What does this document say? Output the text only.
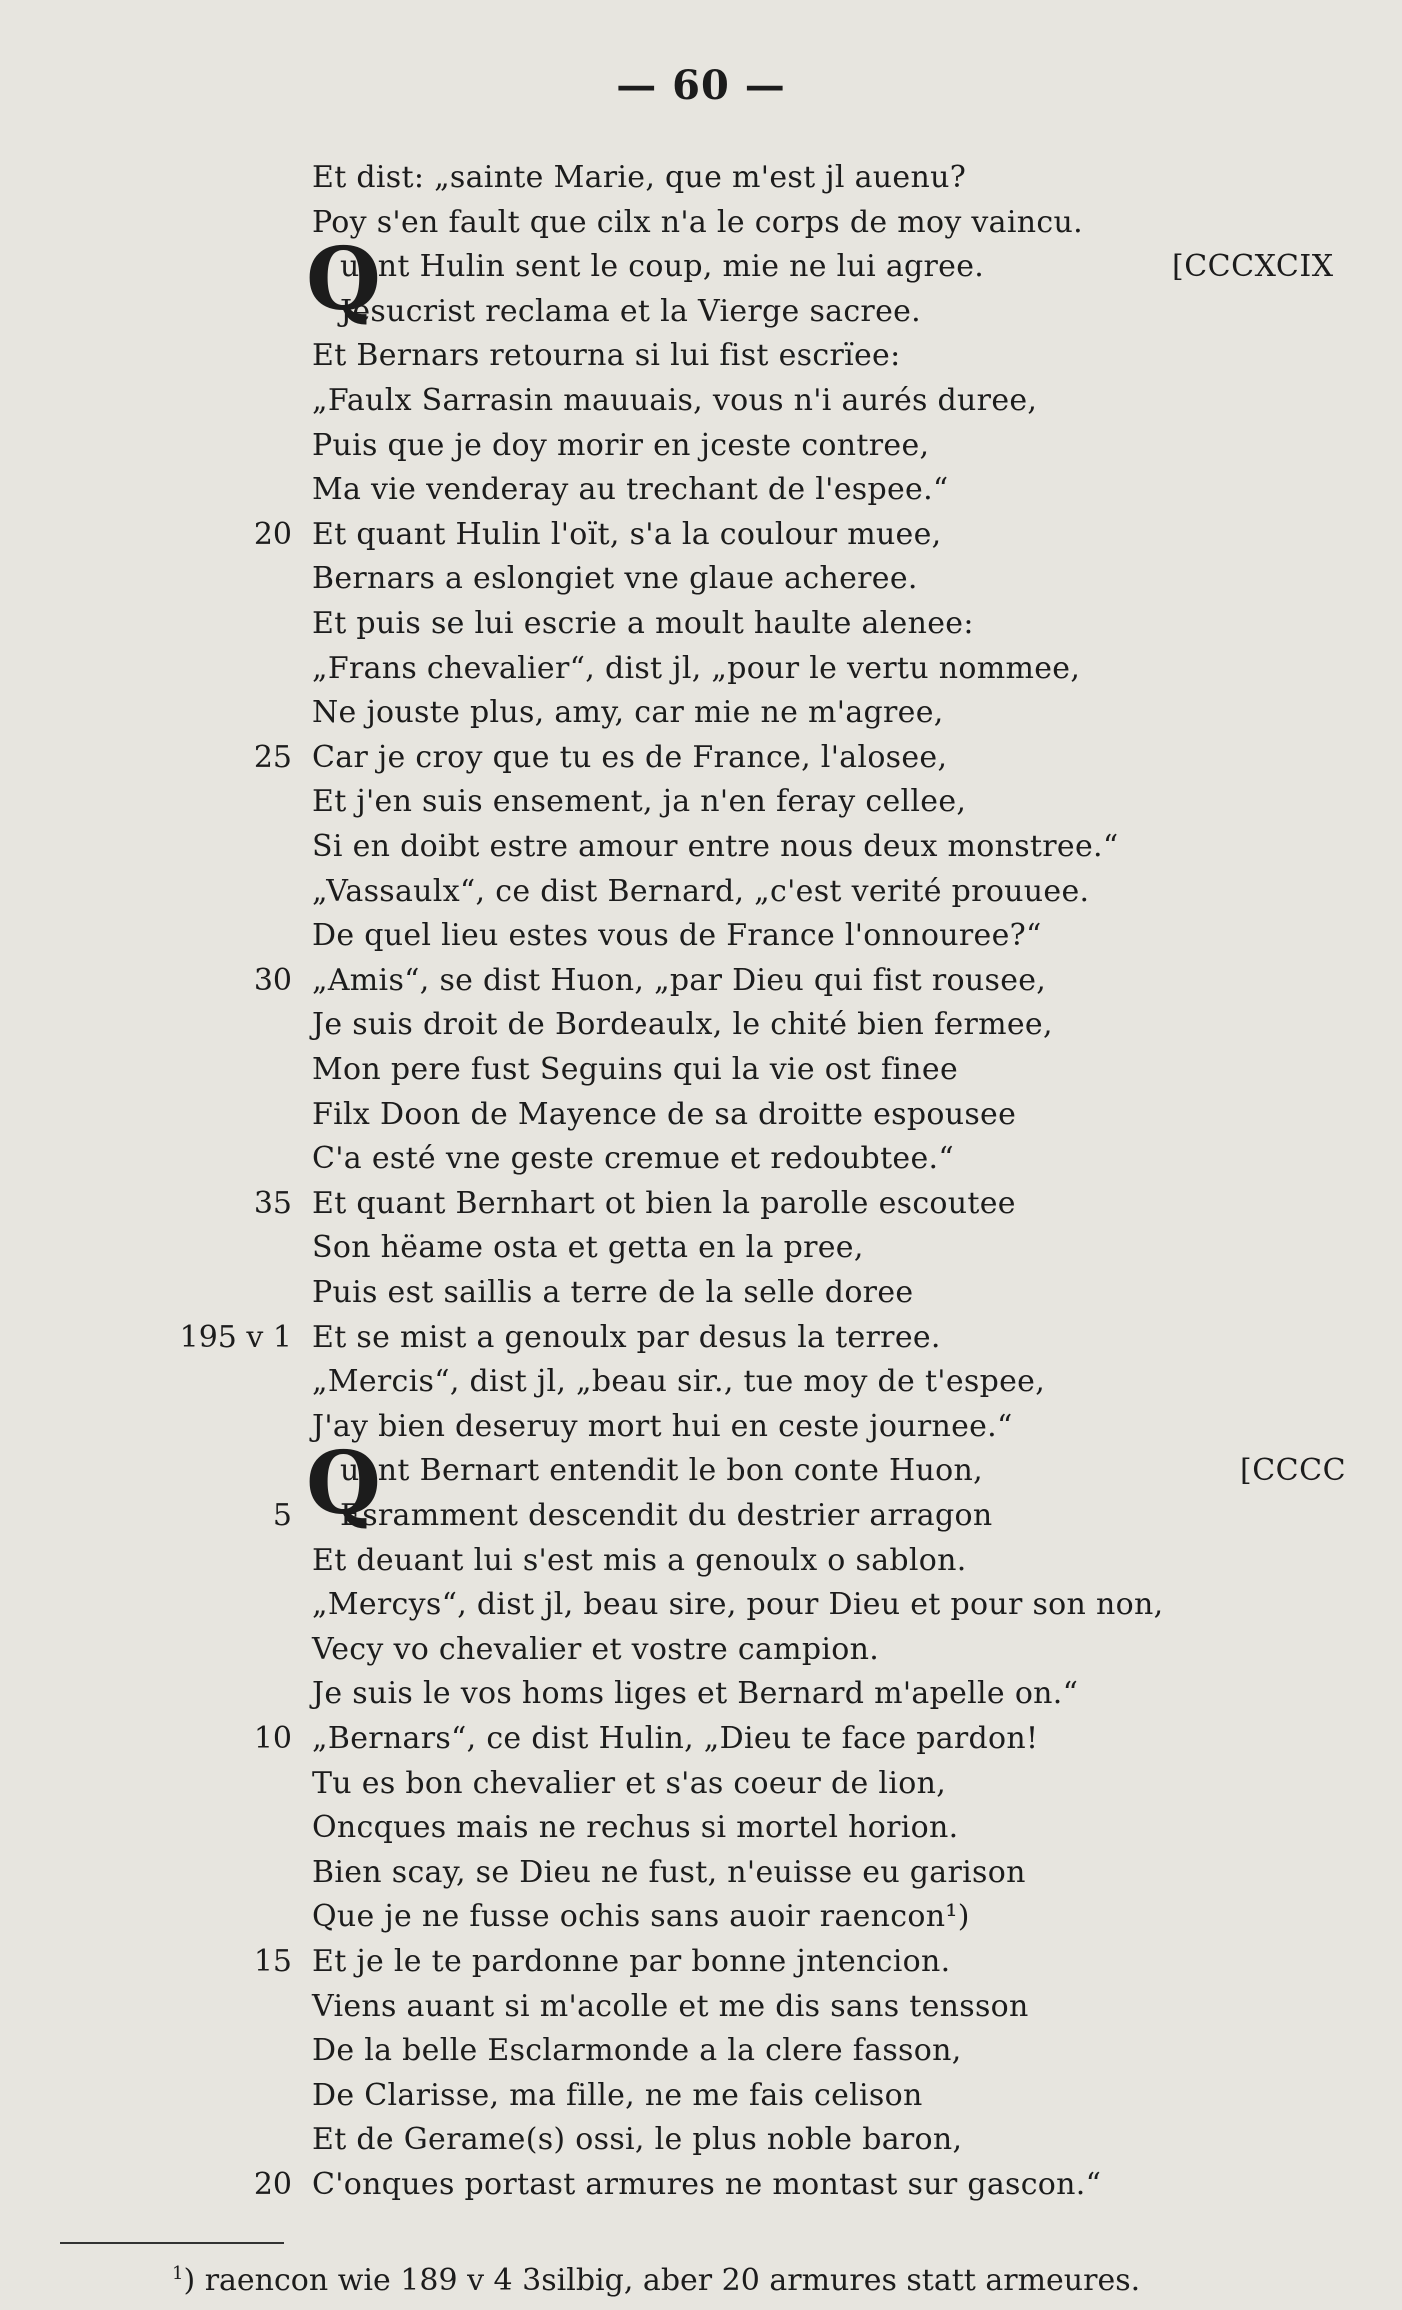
— 60 —
Et dist: „sainte Marie, que m'est jl auenu?
Poy s'en fault que cilx n'a le corps de moy vaincu.
uant Hulin sent le coup, mie ne lui agree.	[CCCXCIX
Jesucrist reclama et la Vierge sacree.
Et Bernars retourna si lui fist escrïee:
„Faulx Sarrasin mauuais, vous n'i aurés duree,
Puis que je doy morir en jceste contree,
Ma vie venderay au trechant de l'espee.“
20 Et quant Hulin l'oït, s'a la coulour muee,
Bernars a eslongiet vne glaue acheree.
Et puis se lui escrie a moult haulte alenee:
„Frans chevalier“, dist jl, „pour le vertu nommee,
Ne jouste plus, amy, car mie ne m'agree,
25 Car je croy que tu es de France, l'alosee,
Et j'en suis ensement, ja n'en feray cellee,
Si en doibt estre amour entre nous deux monstree.“
„Vassaulx“, ce dist Bernard, „c'est verité prouuee.
De quel lieu estes vous de France l'onnouree?“
30 „Amis“, se dist Huon, „par Dieu qui fist rousee,
Je suis droit de Bordeaulx, le chité bien fermee,
Mon pere fust Seguins qui la vie ost finee
Filx Doon de Mayence de sa droitte espousee
C'a esté vne geste cremue et redoubtee.“
35 Et quant Bernhart ot bien la parolle escoutee
Son hëame osta et getta en la pree,
Puis est saillis a terre de la selle doree
195 v 1 Et se mist a genoulx par desus la terree.
„Mercis“, dist jl, „beau sir., tue moy de t'espee,
J'ay bien deseruy mort hui en ceste journee.“
uant Bernart entendit le bon conte Huon,	[CCCC
5 Esramment descendit du destrier arragon
Et deuant lui s'est mis a genoulx o sablon.
„Mercys“, dist jl, beau sire, pour Dieu et pour son non,
Vecy vo chevalier et vostre campion.
Je suis le vos homs liges et Bernard m'apelle on.“
10 „Bernars“, ce dist Hulin, „Dieu te face pardon!
Tu es bon chevalier et s'as coeur de lion,
Oncques mais ne rechus si mortel horion.
Bien scay, se Dieu ne fust, n'euisse eu garison
Que je ne fusse ochis sans auoir raencon¹)
15 Et je le te pardonne par bonne jntencion.
Viens auant si m'acolle et me dis sans tensson
De la belle Esclarmonde a la clere fasson,
De Clarisse, ma fille, ne me fais celison
Et de Gerame(s) ossi, le plus noble baron,
20 C'onques portast armures ne montast sur gascon.“
Q
Q
$^1$) raencon wie 189 v 4 3silbig, aber 20 armures statt armeures.
